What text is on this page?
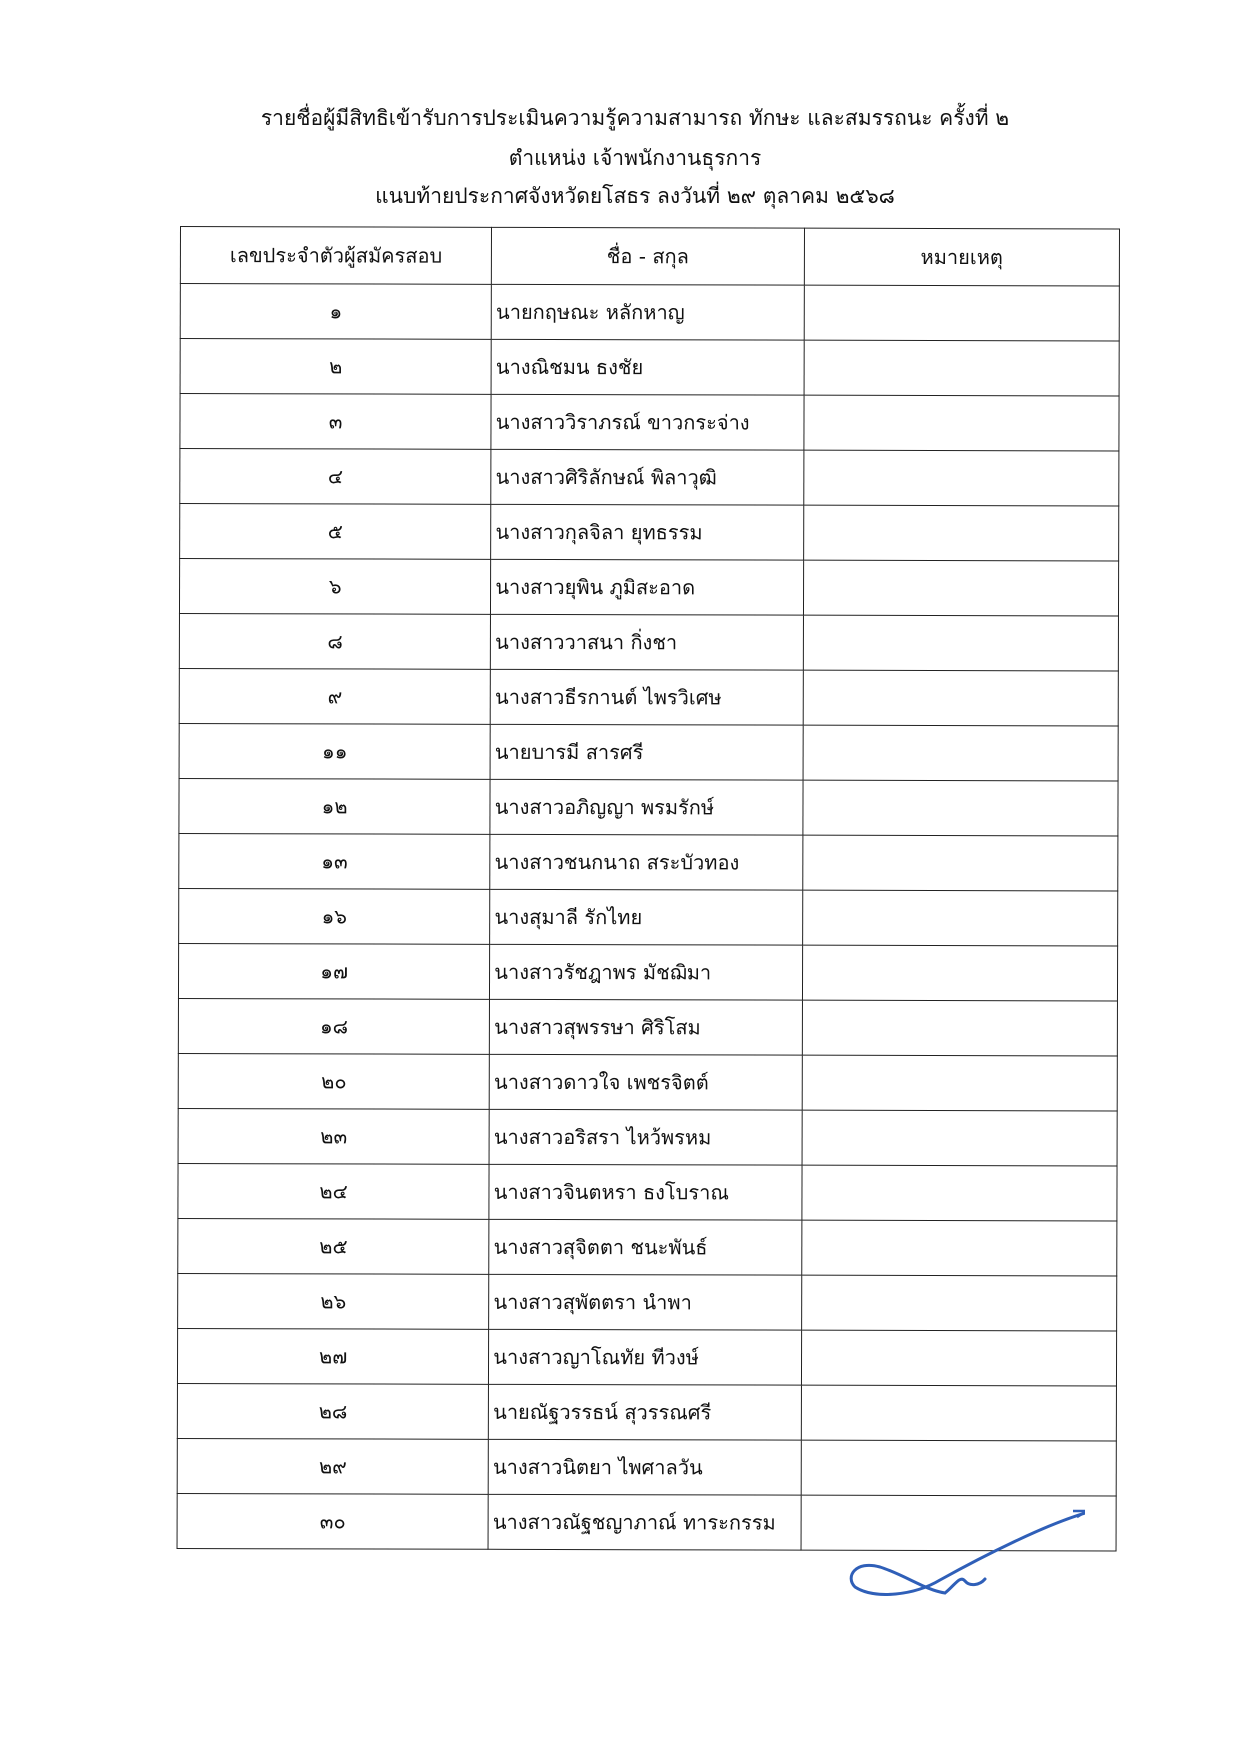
รายชื่อผู้มีสิทธิเข้ารับการประเมินความรู้ความสามารถ ทักษะ และสมรรถนะ ครั้งที่ ๒
ตำแหน่ง เจ้าพนักงานธุรการ
แนบท้ายประกาศจังหวัดยโสธร ลงวันที่ ๒๙ ตุลาคม ๒๕๖๘
เลขประจำตัวผู้สมัครสอบ	ชื่อ - สกุล	หมายเหตุ
๑	นายกฤษณะ หลักหาญ	
๒	นางณิชมน ธงชัย	
๓	นางสาววิราภรณ์ ขาวกระจ่าง	
๔	นางสาวศิริลักษณ์ พิลาวุฒิ	
๕	นางสาวกุลจิลา ยุทธรรม	
๖	นางสาวยุพิน ภูมิสะอาด	
๘	นางสาววาสนา กิ่งชา	
๙	นางสาวธีรกานต์ ไพรวิเศษ	
๑๑	นายบารมี สารศรี	
๑๒	นางสาวอภิญญา พรมรักษ์	
๑๓	นางสาวชนกนาถ สระบัวทอง	
๑๖	นางสุมาลี รักไทย	
๑๗	นางสาวรัชฎาพร มัชฌิมา	
๑๘	นางสาวสุพรรษา ศิริโสม	
๒๐	นางสาวดาวใจ เพชรจิตต์	
๒๓	นางสาวอริสรา ไหว้พรหม	
๒๔	นางสาวจินตหรา ธงโบราณ	
๒๕	นางสาวสุจิตตา ชนะพันธ์	
๒๖	นางสาวสุพัตตรา นำพา	
๒๗	นางสาวญาโณทัย ทีวงษ์	
๒๘	นายณัฐวรรธน์ สุวรรณศรี	
๒๙	นางสาวนิตยา ไพศาลวัน	
๓๐	นางสาวณัฐชญาภาณ์ ทาระกรรม	
